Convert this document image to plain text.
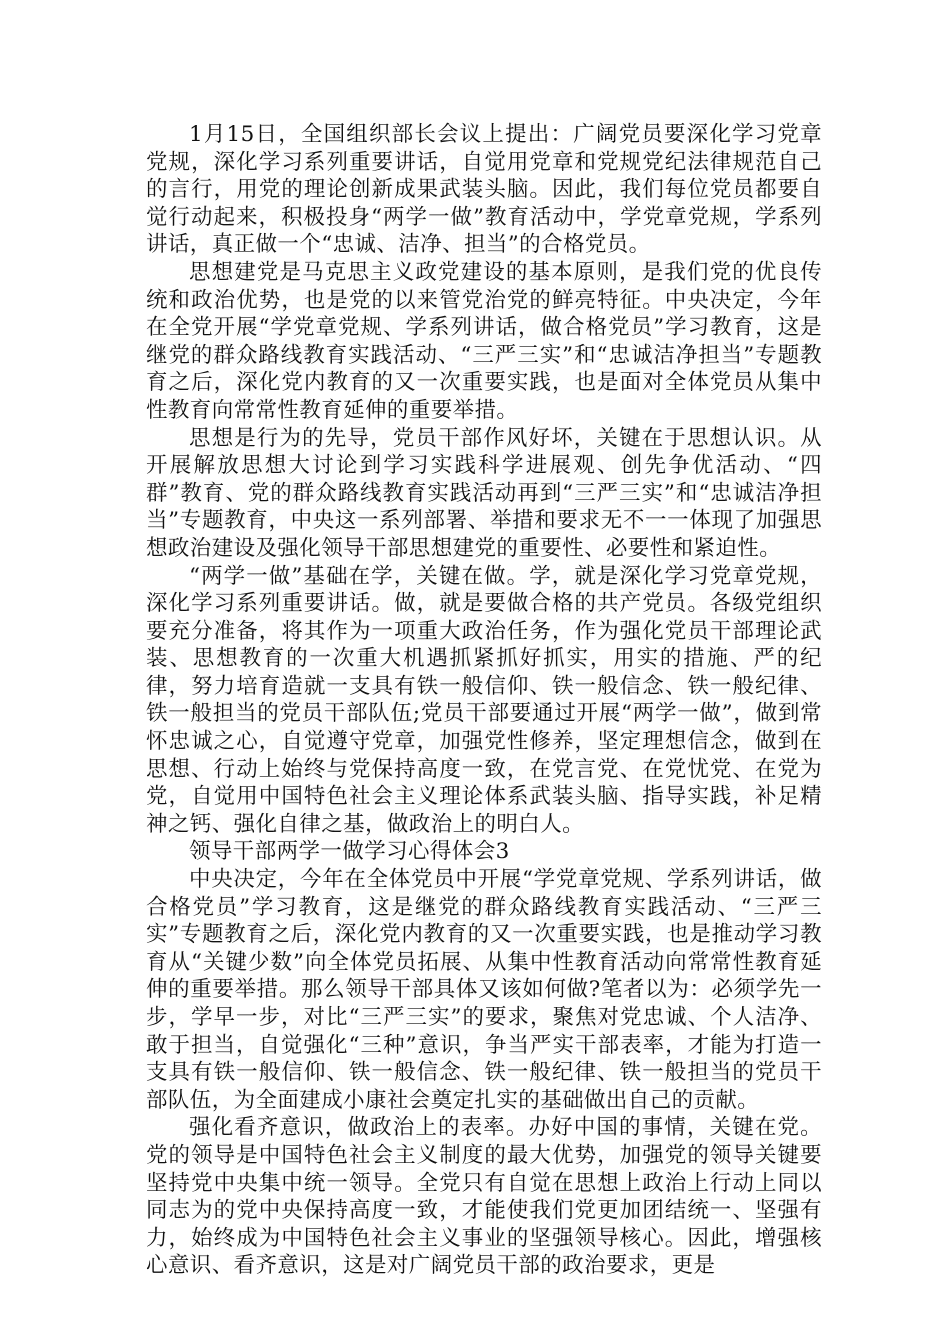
1月15日，全国组织部长会议上提出：广阔党员要深化学习党章党规，深化学习系列重要讲话，自觉用党章和党规党纪法律规范自己的言行，用党的理论创新成果武装头脑。因此，我们每位党员都要自觉行动起来，积极投身“两学一做”教育活动中，学党章党规，学系列讲话，真正做一个“忠诚、洁净、担当”的合格党员。

思想建党是马克思主义政党建设的基本原则，是我们党的优良传统和政治优势，也是党的以来管党治党的鲜亮特征。中央决定，今年在全党开展“学党章党规、学系列讲话，做合格党员”学习教育，这是继党的群众路线教育实践活动、“三严三实”和“忠诚洁净担当”专题教育之后，深化党内教育的又一次重要实践，也是面对全体党员从集中性教育向常常性教育延伸的重要举措。

思想是行为的先导，党员干部作风好坏，关键在于思想认识。从开展解放思想大讨论到学习实践科学进展观、创先争优活动、“四群”教育、党的群众路线教育实践活动再到“三严三实”和“忠诚洁净担当”专题教育，中央这一系列部署、举措和要求无不一一体现了加强思想政治建设及强化领导干部思想建党的重要性、必要性和紧迫性。

“两学一做”基础在学，关键在做。学，就是深化学习党章党规，深化学习系列重要讲话。做，就是要做合格的共产党员。各级党组织要充分准备，将其作为一项重大政治任务，作为强化党员干部理论武装、思想教育的一次重大机遇抓紧抓好抓实，用实的措施、严的纪律，努力培育造就一支具有铁一般信仰、铁一般信念、铁一般纪律、铁一般担当的党员干部队伍;党员干部要通过开展“两学一做”，做到常怀忠诚之心，自觉遵守党章，加强党性修养，坚定理想信念，做到在思想、行动上始终与党保持高度一致，在党言党、在党忧党、在党为党，自觉用中国特色社会主义理论体系武装头脑、指导实践，补足精神之钙、强化自律之基，做政治上的明白人。

领导干部两学一做学习心得体会3

中央决定，今年在全体党员中开展“学党章党规、学系列讲话，做合格党员”学习教育，这是继党的群众路线教育实践活动、“三严三实”专题教育之后，深化党内教育的又一次重要实践，也是推动学习教育从“关键少数”向全体党员拓展、从集中性教育活动向常常性教育延伸的重要举措。那么领导干部具体又该如何做?笔者以为：必须学先一步，学早一步，对比“三严三实”的要求，聚焦对党忠诚、个人洁净、敢于担当，自觉强化“三种”意识，争当严实干部表率，才能为打造一支具有铁一般信仰、铁一般信念、铁一般纪律、铁一般担当的党员干部队伍，为全面建成小康社会奠定扎实的基础做出自己的贡献。

强化看齐意识，做政治上的表率。办好中国的事情，关键在党。党的领导是中国特色社会主义制度的最大优势，加强党的领导关键要坚持党中央集中统一领导。全党只有自觉在思想上政治上行动上同以同志为的党中央保持高度一致，才能使我们党更加团结统一、坚强有力，始终成为中国特色社会主义事业的坚强领导核心。因此，增强核心意识、看齐意识，这是对广阔党员干部的政治要求，更是
